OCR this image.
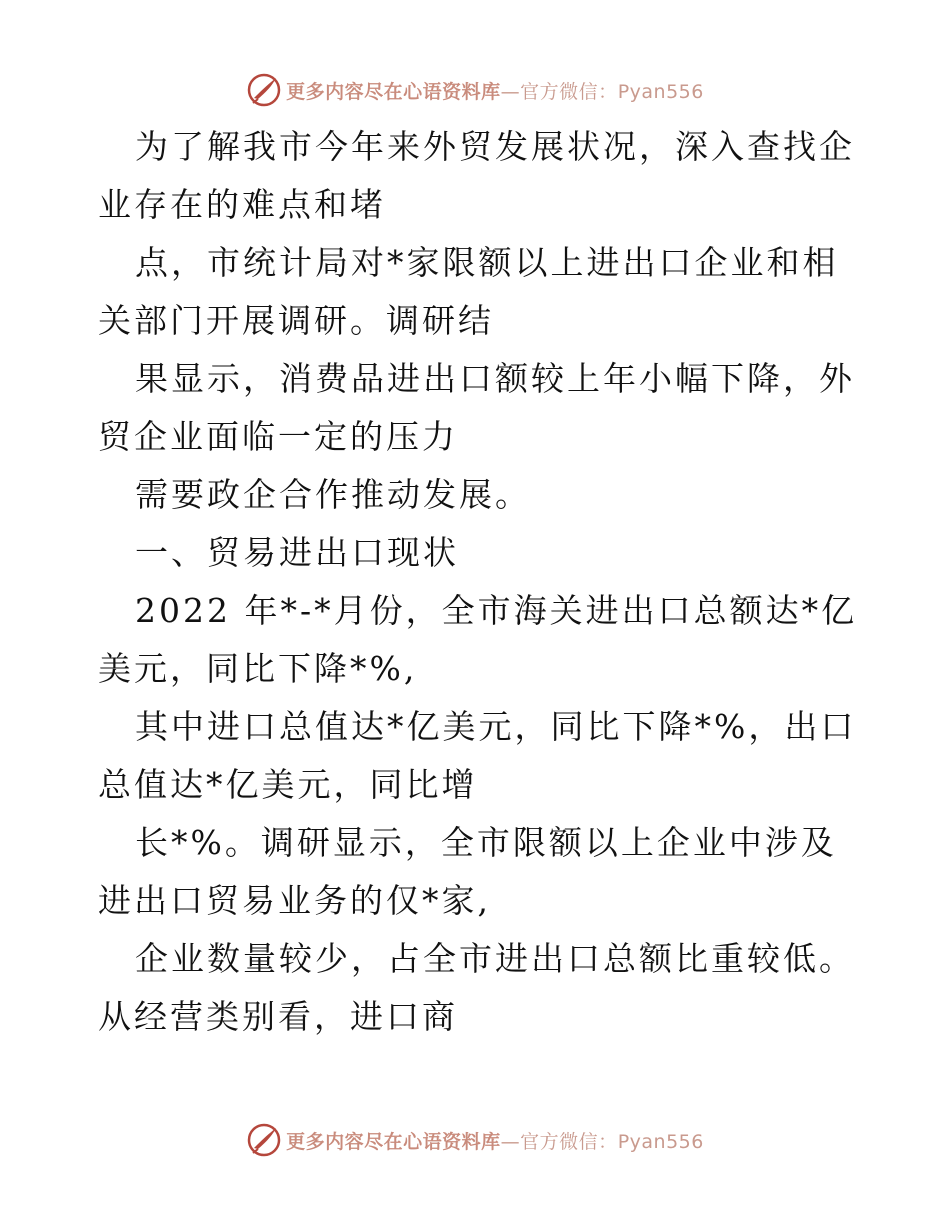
更多内容尽在心语资料库—官方微信：Pyan556

为了解我市今年来外贸发展状况，深入查找企业存在的难点和堵

点，市统计局对*家限额以上进出口企业和相关部门开展调研。调研结

果显示，消费品进出口额较上年小幅下降，外贸企业面临一定的压力

需要政企合作推动发展。

一、贸易进出口现状

2022 年*-*月份，全市海关进出口总额达*亿美元，同比下降*%,

其中进口总值达*亿美元，同比下降*%，出口总值达*亿美元，同比增

长*%。调研显示，全市限额以上企业中涉及进出口贸易业务的仅*家,

企业数量较少，占全市进出口总额比重较低。从经营类别看，进口商

更多内容尽在心语资料库—官方微信：Pyan556
